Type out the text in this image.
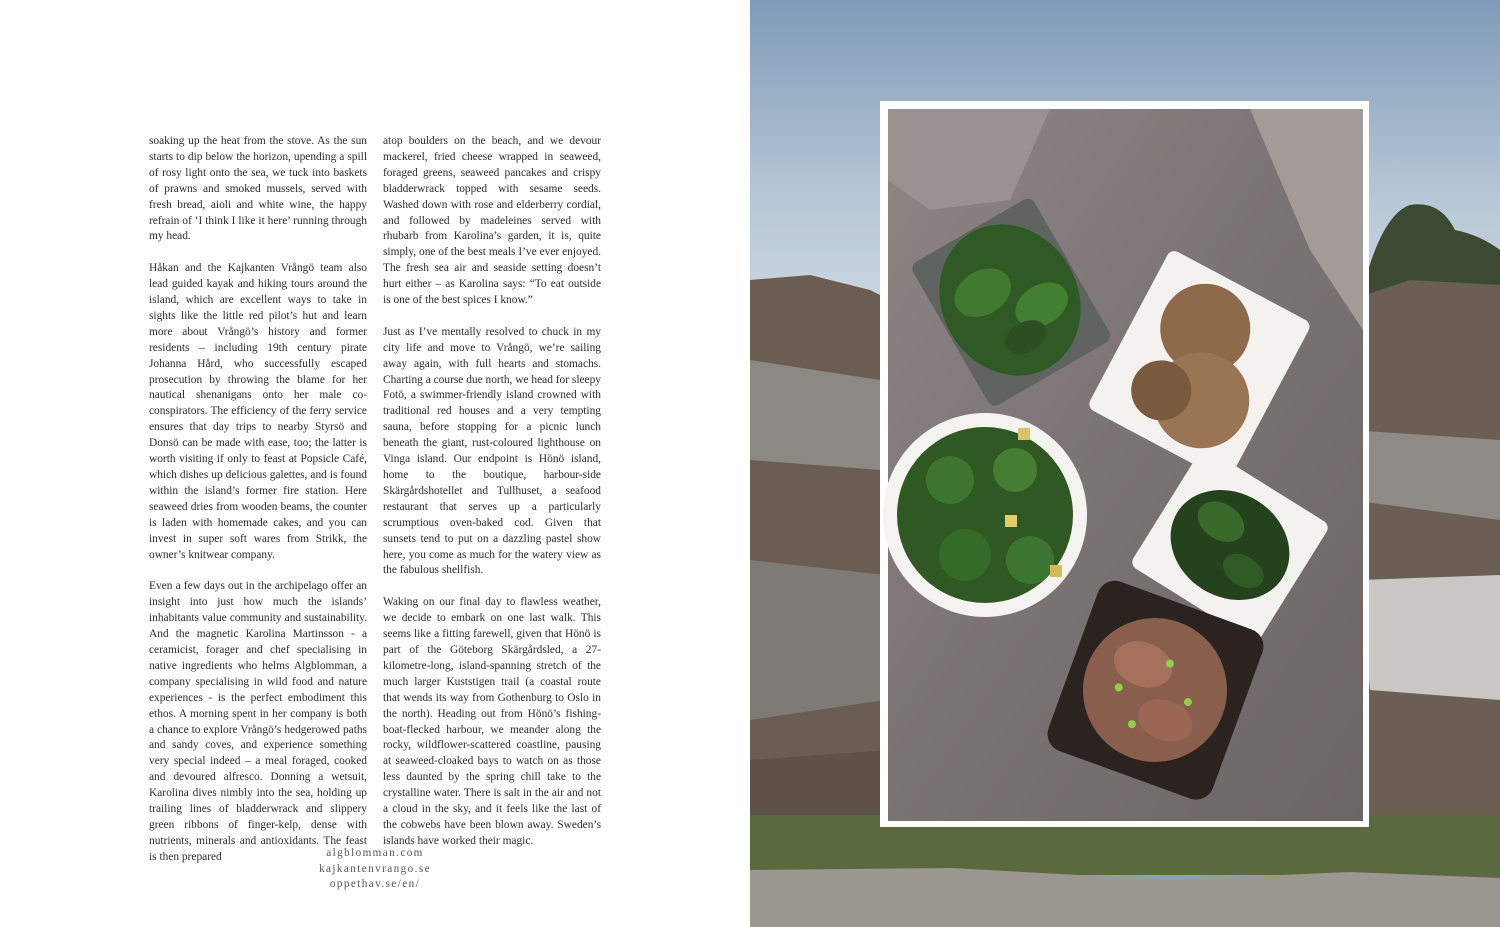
soaking up the heat from the stove. As the sun starts to dip below the horizon, upending a spill of rosy light onto the sea, we tuck into baskets of prawns and smoked mussels, served with fresh bread, aioli and white wine, the happy refrain of ‘I think I like it here’ running through my head.

Håkan and the Kajkanten Vrångö team also lead guided kayak and hiking tours around the island, which are excellent ways to take in sights like the little red pilot’s hut and learn more about Vrångö’s history and former residents – including 19th century pirate Johanna Hård, who successfully escaped prosecution by throwing the blame for her nautical shenanigans onto her male co-conspirators. The efficiency of the ferry service ensures that day trips to nearby Styrsö and Donsö can be made with ease, too; the latter is worth visiting if only to feast at Popsicle Café, which dishes up delicious galettes, and is found within the island’s former fire station. Here seaweed dries from wooden beams, the counter is laden with homemade cakes, and you can invest in super soft wares from Strikk, the owner’s knitwear company.

Even a few days out in the archipelago offer an insight into just how much the islands’ inhabitants value community and sustainability. And the magnetic Karolina Martinsson - a ceramicist, forager and chef specialising in native ingredients who helms Algblomman, a company specialising in wild food and nature experiences - is the perfect embodiment this ethos. A morning spent in her company is both a chance to explore Vrångö’s hedgerowed paths and sandy coves, and experience something very special indeed – a meal foraged, cooked and devoured alfresco. Donning a wetsuit, Karolina dives nimbly into the sea, holding up trailing lines of bladderwrack and slippery green ribbons of finger-kelp, dense with nutrients, minerals and antioxidants. The feast is then prepared

atop boulders on the beach, and we devour mackerel, fried cheese wrapped in seaweed, foraged greens, seaweed pancakes and crispy bladderwrack topped with sesame seeds. Washed down with rose and elderberry cordial, and followed by madeleines served with rhubarb from Karolina’s garden, it is, quite simply, one of the best meals I’ve ever enjoyed. The fresh sea air and seaside setting doesn’t hurt either – as Karolina says: “To eat outside is one of the best spices I know.”

Just as I’ve mentally resolved to chuck in my city life and move to Vrångö, we’re sailing away again, with full hearts and stomachs. Charting a course due north, we head for sleepy Fotö, a swimmer-friendly island crowned with traditional red houses and a very tempting sauna, before stopping for a picnic lunch beneath the giant, rust-coloured lighthouse on Vinga island. Our endpoint is Hönö island, home to the boutique, harbour-side Skärgårdshotellet and Tullhuset, a seafood restaurant that serves up a particularly scrumptious oven-baked cod. Given that sunsets tend to put on a dazzling pastel show here, you come as much for the watery view as the fabulous shellfish.

Waking on our final day to flawless weather, we decide to embark on one last walk. This seems like a fitting farewell, given that Hönö is part of the Göteborg Skärgårdsled, a 27-kilometre-long, island-spanning stretch of the much larger Kuststigen trail (a coastal route that wends its way from Gothenburg to Oslo in the north). Heading out from Hönö’s fishing-boat-flecked harbour, we meander along the rocky, wildflower-scattered coastline, pausing at seaweed-cloaked bays to watch on as those less daunted by the spring chill take to the crystalline water. There is salt in the air and not a cloud in the sky, and it feels like the last of the cobwebs have been blown away. Sweden’s islands have worked their magic.

algblomman.com
kajkantenvrango.se
oppethav.se/en/
